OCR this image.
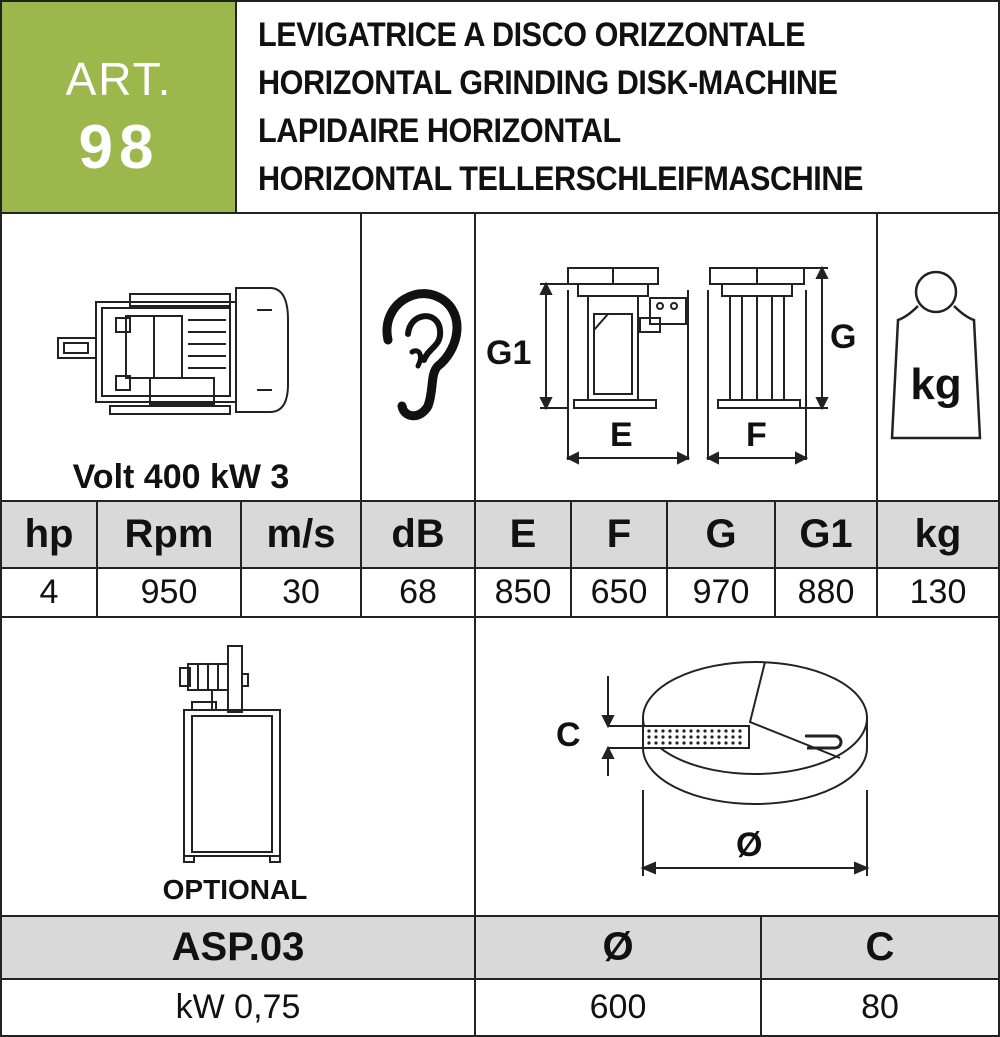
ART.
98
LEVIGATRICE A DISCO ORIZZONTALE
HORIZONTAL GRINDING DISK-MACHINE
LAPIDAIRE HORIZONTAL
HORIZONTAL TELLERSCHLEIFMASCHINE
Volt 400 kW 3
G1	G
E	F
kg
hp	Rpm	m/s	dB	E	F	G	G1	kg
4	950	30	68	850	650	970	880	130
OPTIONAL
C
Ø
ASP.03	Ø	C
kW 0,75	600	80
